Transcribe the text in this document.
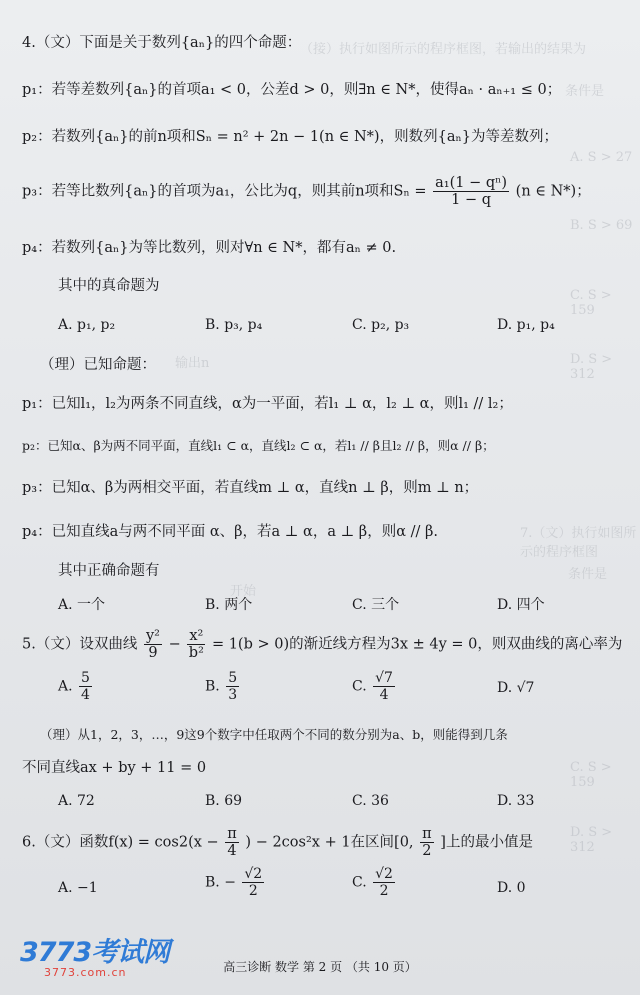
（接）执行如图所示的程序框图，若输出的结果为
条件是
A. S > 27
B. S > 69
C. S > 159
D. S > 312
输出n
7.（文）执行如图所示的程序框图
条件是
开始
C. S > 159
D. S > 312
4.（文）下面是关于数列{aₙ}的四个命题：
p₁：若等差数列{aₙ}的首项a₁ < 0，公差d > 0，则∃n ∈ N*，使得aₙ · aₙ₊₁ ≤ 0；
p₂：若数列{aₙ}的前n项和Sₙ = n² + 2n − 1(n ∈ N*)，则数列{aₙ}为等差数列；
p₃：若等比数列{aₙ}的首项为a₁，公比为q，则其前n项和$S_n = \frac{\text{a₁(1 − qⁿ)}}{1 - q} (n$ ∈ N*)；
p₄：若数列{aₙ}为等比数列，则对∀n ∈ N*，都有aₙ ≠ 0.
其中的真命题为
A. p₁, p₂	B. p₃, p₄	C. p₂, p₃	D. p₁, p₄
（理）已知命题：
p₁：已知l₁，l₂为两条不同直线，α为一平面，若l₁ ⊥ α，l₂ ⊥ α，则l₁ // l₂；
p₂：已知α、β为两不同平面，直线l₁ ⊂ α，直线l₂ ⊂ α，若l₁ // β且l₂ // β，则α // β；
p₃：已知α、β为两相交平面，若直线m ⊥ α，直线n ⊥ β，则m ⊥ n；
p₄：已知直线a与两不同平面 α、β，若a ⊥ α，a ⊥ β，则α // β.
其中正确命题有
A. 一个	B. 两个	C. 三个	D. 四个
5.（文）设双曲线 $\frac{\text{y²}}{9} - \frac{\text{x²}}{\text{b²}} = 1(b > 0)$的渐近线方程为3x ± 4y = 0，则双曲线的离心率为
A. $\frac{5}{4}$	B. $\frac{5}{3}$	C. $\frac{√7}{4}$	D. √7
（理）从1，2，3，…，9这9个数字中任取两个不同的数分别为a、b，则能得到几条
不同直线ax + by + 11 = 0
A. 72	B. 69	C. 36	D. 33
6.（文）函数$f(x) = \cos 2(x - \frac{\pi}{4}$ ) − 2cos²x + 1在区间[0, $\frac{\pi}{2}$ ]上的最小值是
A. −1	B. − $\frac{√2}{2}$	C. $\frac{√2}{2}$	D. 0
3773考试网
3773.com.cn	高三诊断 数学 第 2 页 （共 10 页）
